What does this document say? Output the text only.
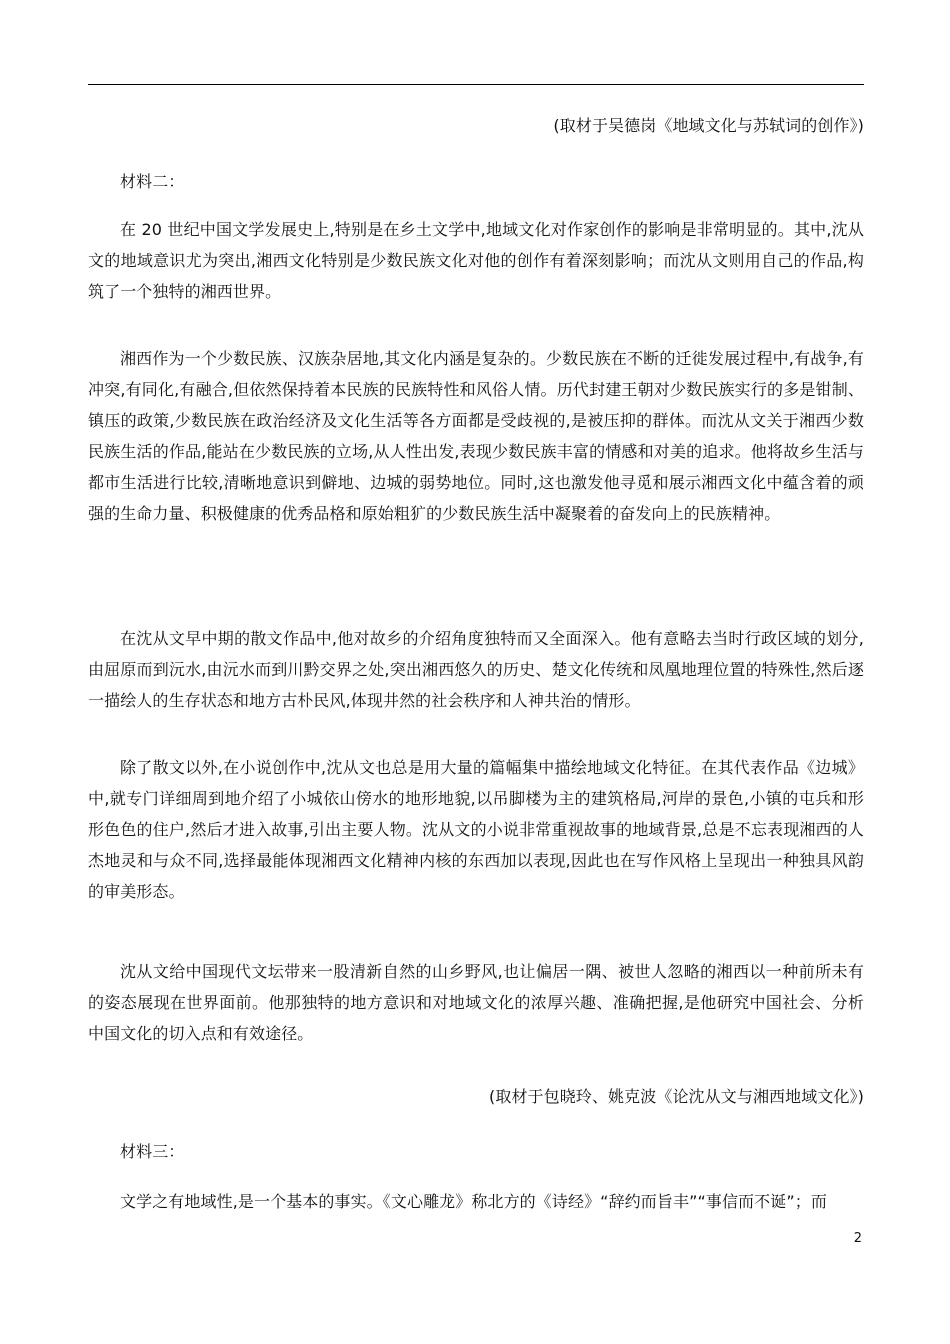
(取材于吴德岗《地域文化与苏轼词的创作》)
材料二：
在 20 世纪中国文学发展史上,特别是在乡土文学中,地域文化对作家创作的影响是非常明显的。其中,沈从文的地域意识尤为突出,湘西文化特别是少数民族文化对他的创作有着深刻影响；而沈从文则用自己的作品,构筑了一个独特的湘西世界。
湘西作为一个少数民族、汉族杂居地,其文化内涵是复杂的。少数民族在不断的迁徙发展过程中,有战争,有冲突,有同化,有融合,但依然保持着本民族的民族特性和风俗人情。历代封建王朝对少数民族实行的多是钳制、镇压的政策,少数民族在政治经济及文化生活等各方面都是受歧视的,是被压抑的群体。而沈从文关于湘西少数民族生活的作品,能站在少数民族的立场,从人性出发,表现少数民族丰富的情感和对美的追求。他将故乡生活与都市生活进行比较,清晰地意识到僻地、边城的弱势地位。同时,这也激发他寻觅和展示湘西文化中蕴含着的顽强的生命力量、积极健康的优秀品格和原始粗犷的少数民族生活中凝聚着的奋发向上的民族精神。
在沈从文早中期的散文作品中,他对故乡的介绍角度独特而又全面深入。他有意略去当时行政区域的划分,由屈原而到沅水,由沅水而到川黔交界之处,突出湘西悠久的历史、楚文化传统和凤凰地理位置的特殊性,然后逐一描绘人的生存状态和地方古朴民风,体现井然的社会秩序和人神共治的情形。
除了散文以外,在小说创作中,沈从文也总是用大量的篇幅集中描绘地域文化特征。在其代表作品《边城》中,就专门详细周到地介绍了小城依山傍水的地形地貌,以吊脚楼为主的建筑格局,河岸的景色,小镇的屯兵和形形色色的住户,然后才进入故事,引出主要人物。沈从文的小说非常重视故事的地域背景,总是不忘表现湘西的人杰地灵和与众不同,选择最能体现湘西文化精神内核的东西加以表现,因此也在写作风格上呈现出一种独具风韵的审美形态。
沈从文给中国现代文坛带来一股清新自然的山乡野风,也让偏居一隅、被世人忽略的湘西以一种前所未有的姿态展现在世界面前。他那独特的地方意识和对地域文化的浓厚兴趣、准确把握,是他研究中国社会、分析中国文化的切入点和有效途径。
(取材于包晓玲、姚克波《论沈从文与湘西地域文化》)
材料三：
文学之有地域性,是一个基本的事实。《文心雕龙》称北方的《诗经》“辞约而旨丰”“事信而不诞”；而
2
